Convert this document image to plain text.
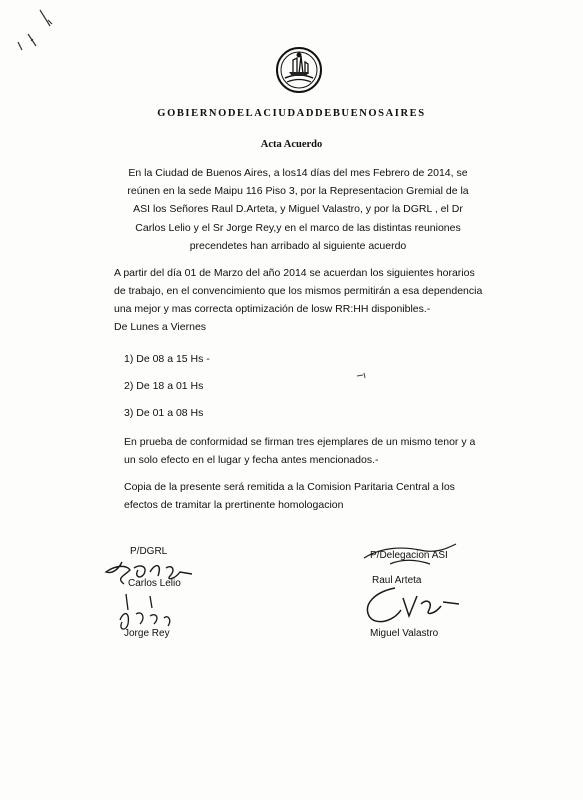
GOBIERNODELACIUDADDEBUENOSAIRES
Acta Acuerdo
En la Ciudad de Buenos Aires, a los14 días del mes Febrero de 2014, se reúnen en la sede Maipu 116 Piso 3, por la Representacion Gremial de la ASI los Señores Raul D.Arteta, y Miguel Valastro, y por la DGRL , el Dr Carlos Lelio y el Sr Jorge Rey,y en el marco de las distintas reuniones precendetes han arribado al siguiente acuerdo
A partir del día 01 de Marzo del año 2014 se acuerdan los siguientes horarios de trabajo, en el convencimiento que los mismos permitirán a esa dependencia una mejor y mas correcta optimización de losw RR:HH disponibles.-
De Lunes a Viernes
1) De 08 a 15 Hs -
2) De 18 a 01 Hs
3) De 01 a 08 Hs
En prueba de conformidad se firman tres ejemplares de un mismo tenor y a un solo efecto en el lugar y fecha antes mencionados.-
Copia de la presente será remitida a la Comision Paritaria Central a los efectos de tramitar la prertinente homologacion
P/DGRL
Carlos Lelio
Jorge Rey
P/Delegacion ASI
Raul Arteta
Miguel Valastro
